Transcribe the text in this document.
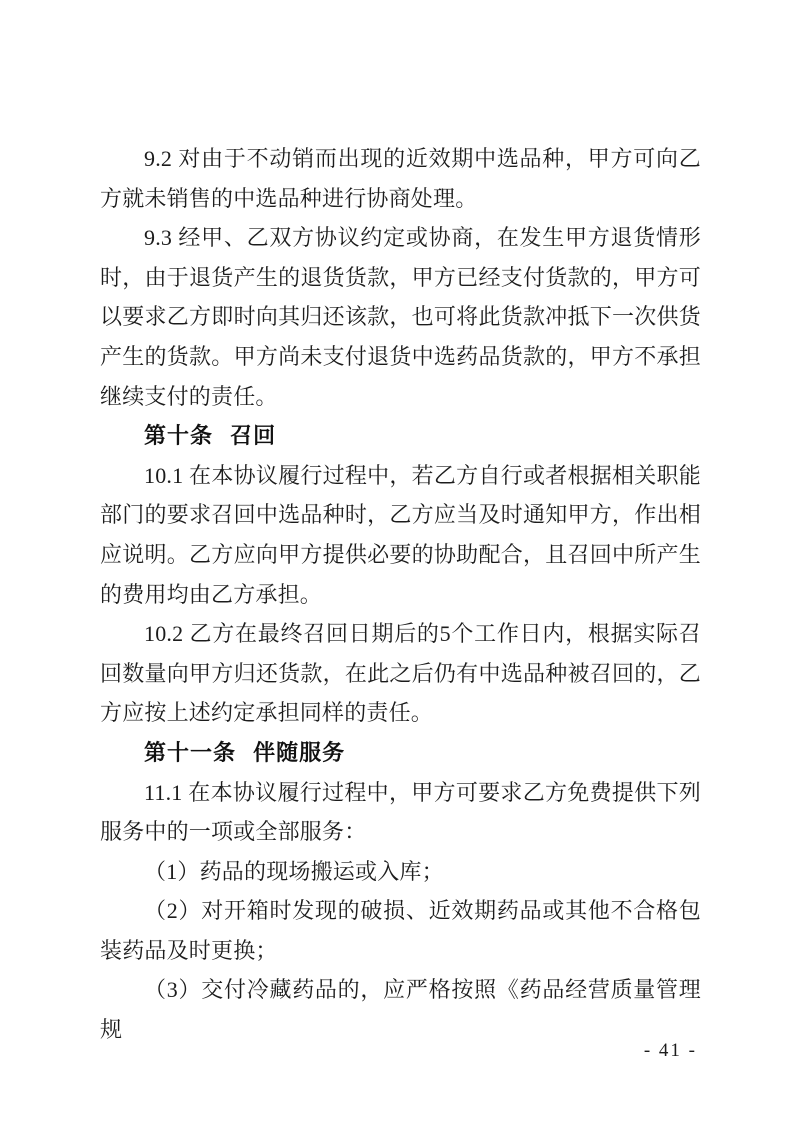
9.2 对由于不动销而出现的近效期中选品种，甲方可向乙方就未销售的中选品种进行协商处理。

9.3 经甲、乙双方协议约定或协商，在发生甲方退货情形时，由于退货产生的退货货款，甲方已经支付货款的，甲方可以要求乙方即时向其归还该款，也可将此货款冲抵下一次供货产生的货款。甲方尚未支付退货中选药品货款的，甲方不承担继续支付的责任。

第十条 召回

10.1 在本协议履行过程中，若乙方自行或者根据相关职能部门的要求召回中选品种时，乙方应当及时通知甲方，作出相应说明。乙方应向甲方提供必要的协助配合，且召回中所产生的费用均由乙方承担。

10.2 乙方在最终召回日期后的5个工作日内，根据实际召回数量向甲方归还货款，在此之后仍有中选品种被召回的，乙方应按上述约定承担同样的责任。

第十一条 伴随服务

11.1 在本协议履行过程中，甲方可要求乙方免费提供下列服务中的一项或全部服务：

（1）药品的现场搬运或入库；

（2）对开箱时发现的破损、近效期药品或其他不合格包装药品及时更换；

（3）交付冷藏药品的，应严格按照《药品经营质量管理规

- 41 -
